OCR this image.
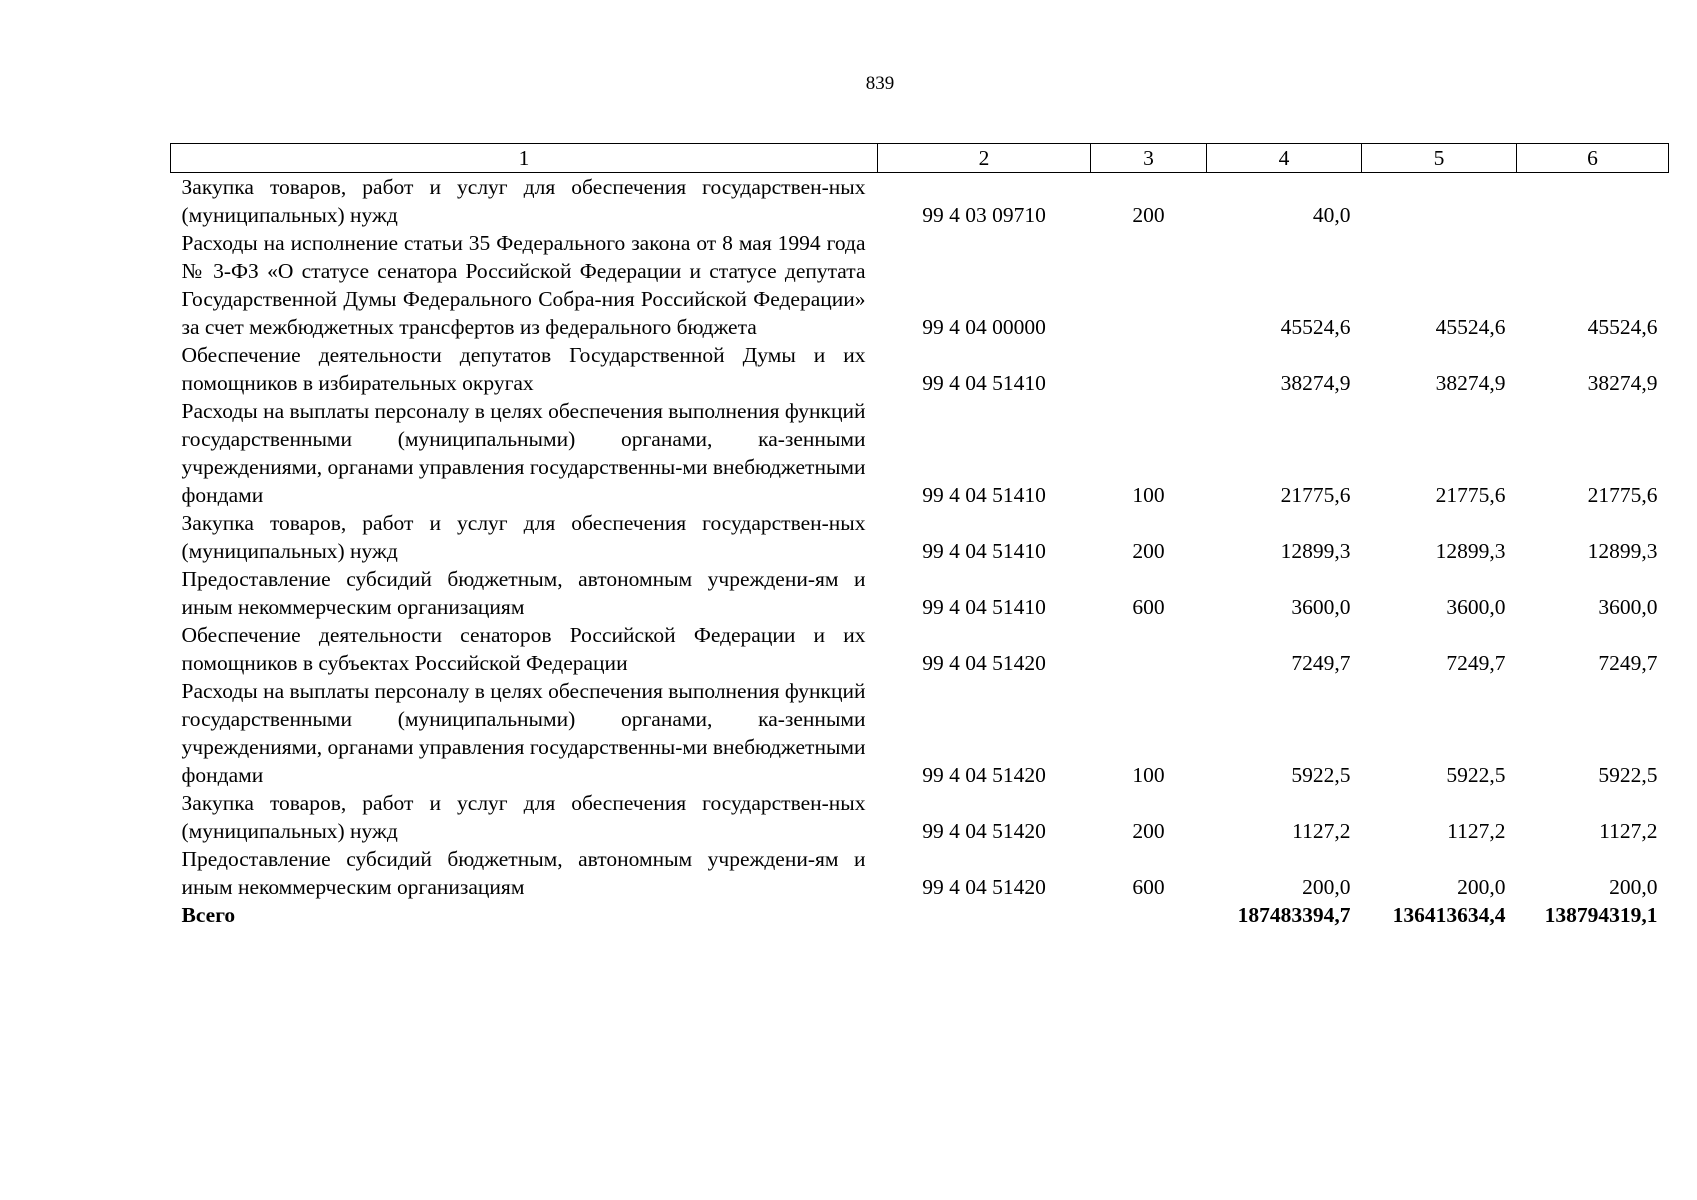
839
1	2	3	4	5	6
Закупка товаров, работ и услуг для обеспечения государствен-ных (муниципальных) нужд	99 4 03 09710	200	40,0		
Расходы на исполнение статьи 35 Федерального закона от 8 мая 1994 года № 3-ФЗ «О статусе сенатора Российской Федерации и статусе депутата Государственной Думы Федерального Собра-ния Российской Федерации» за счет межбюджетных трансфертов из федерального бюджета	99 4 04 00000		45524,6	45524,6	45524,6
Обеспечение деятельности депутатов Государственной Думы и их помощников в избирательных округах	99 4 04 51410		38274,9	38274,9	38274,9
Расходы на выплаты персоналу в целях обеспечения выполнения функций государственными (муниципальными) органами, ка-зенными учреждениями, органами управления государственны-ми внебюджетными фондами	99 4 04 51410	100	21775,6	21775,6	21775,6
Закупка товаров, работ и услуг для обеспечения государствен-ных (муниципальных) нужд	99 4 04 51410	200	12899,3	12899,3	12899,3
Предоставление субсидий бюджетным, автономным учреждени-ям и иным некоммерческим организациям	99 4 04 51410	600	3600,0	3600,0	3600,0
Обеспечение деятельности сенаторов Российской Федерации и их помощников в субъектах Российской Федерации	99 4 04 51420		7249,7	7249,7	7249,7
Расходы на выплаты персоналу в целях обеспечения выполнения функций государственными (муниципальными) органами, ка-зенными учреждениями, органами управления государственны-ми внебюджетными фондами	99 4 04 51420	100	5922,5	5922,5	5922,5
Закупка товаров, работ и услуг для обеспечения государствен-ных (муниципальных) нужд	99 4 04 51420	200	1127,2	1127,2	1127,2
Предоставление субсидий бюджетным, автономным учреждени-ям и иным некоммерческим организациям	99 4 04 51420	600	200,0	200,0	200,0
Всего			187483394,7	136413634,4	138794319,1
